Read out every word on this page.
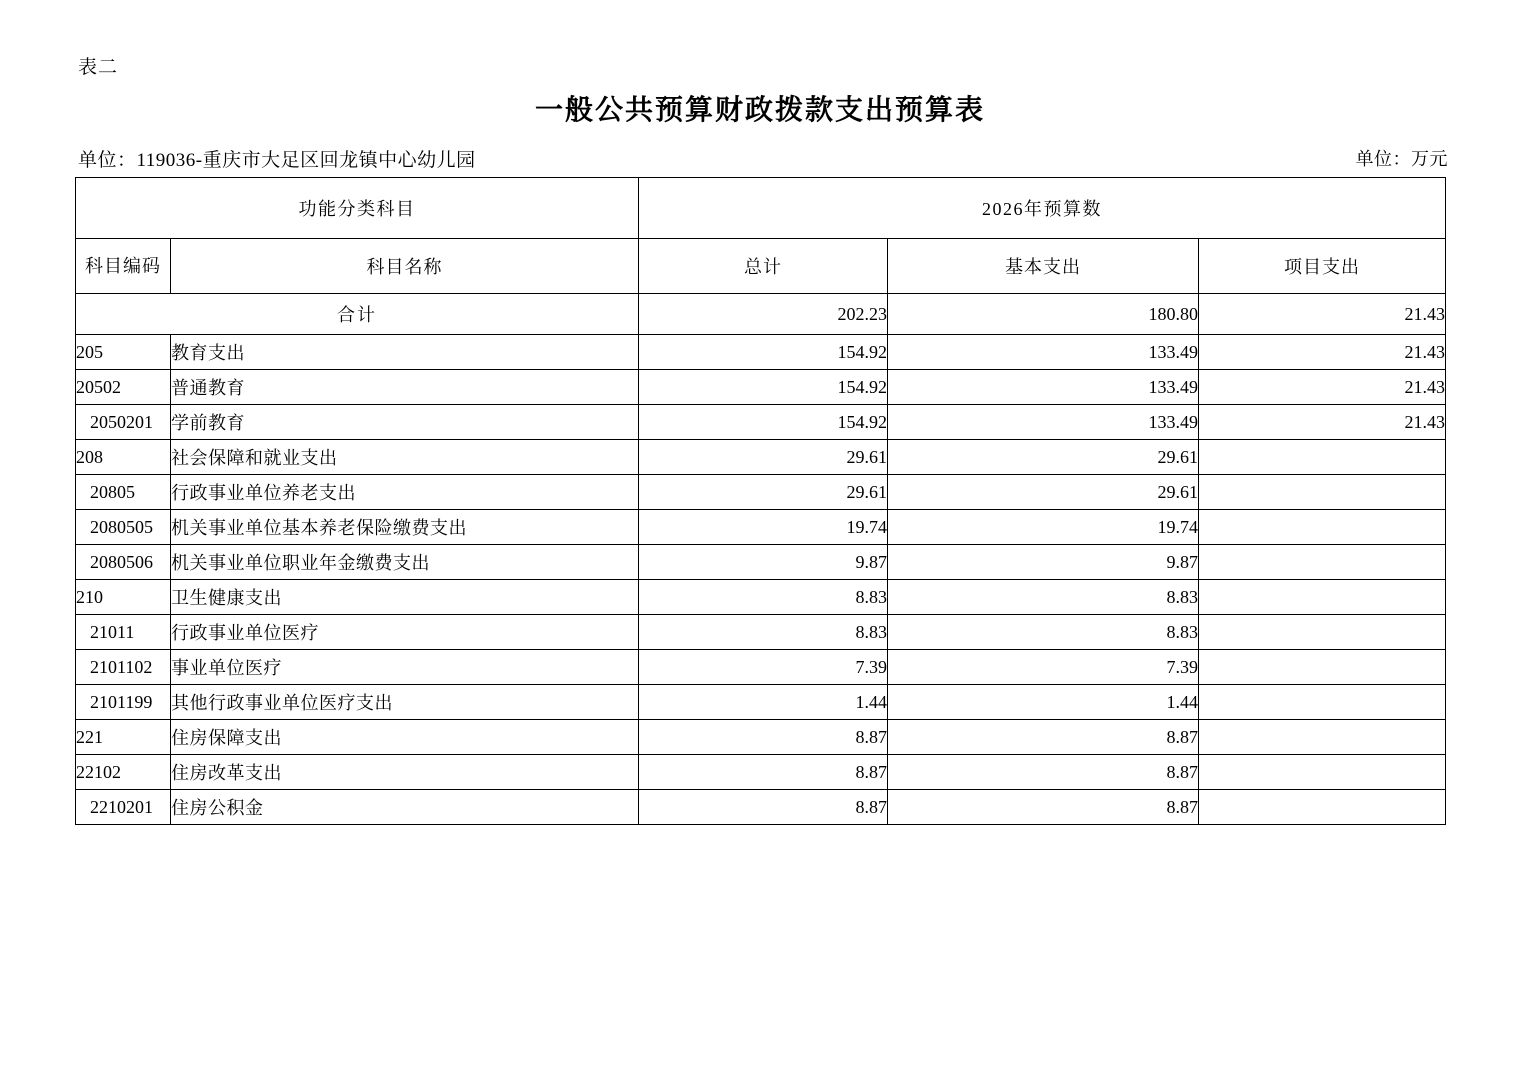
表二
一般公共预算财政拨款支出预算表
单位：119036-重庆市大足区回龙镇中心幼儿园	单位：万元
功能分类科目		2026年预算数		
科目编码	科目名称	总计	基本支出	项目支出
合计		202.23	180.80	21.43
205	教育支出	154.92	133.49	21.43
20502	普通教育	154.92	133.49	21.43
2050201	学前教育	154.92	133.49	21.43
208	社会保障和就业支出	29.61	29.61	
20805	行政事业单位养老支出	29.61	29.61	
2080505	机关事业单位基本养老保险缴费支出	19.74	19.74	
2080506	机关事业单位职业年金缴费支出	9.87	9.87	
210	卫生健康支出	8.83	8.83	
21011	行政事业单位医疗	8.83	8.83	
2101102	事业单位医疗	7.39	7.39	
2101199	其他行政事业单位医疗支出	1.44	1.44	
221	住房保障支出	8.87	8.87	
22102	住房改革支出	8.87	8.87	
2210201	住房公积金	8.87	8.87	
